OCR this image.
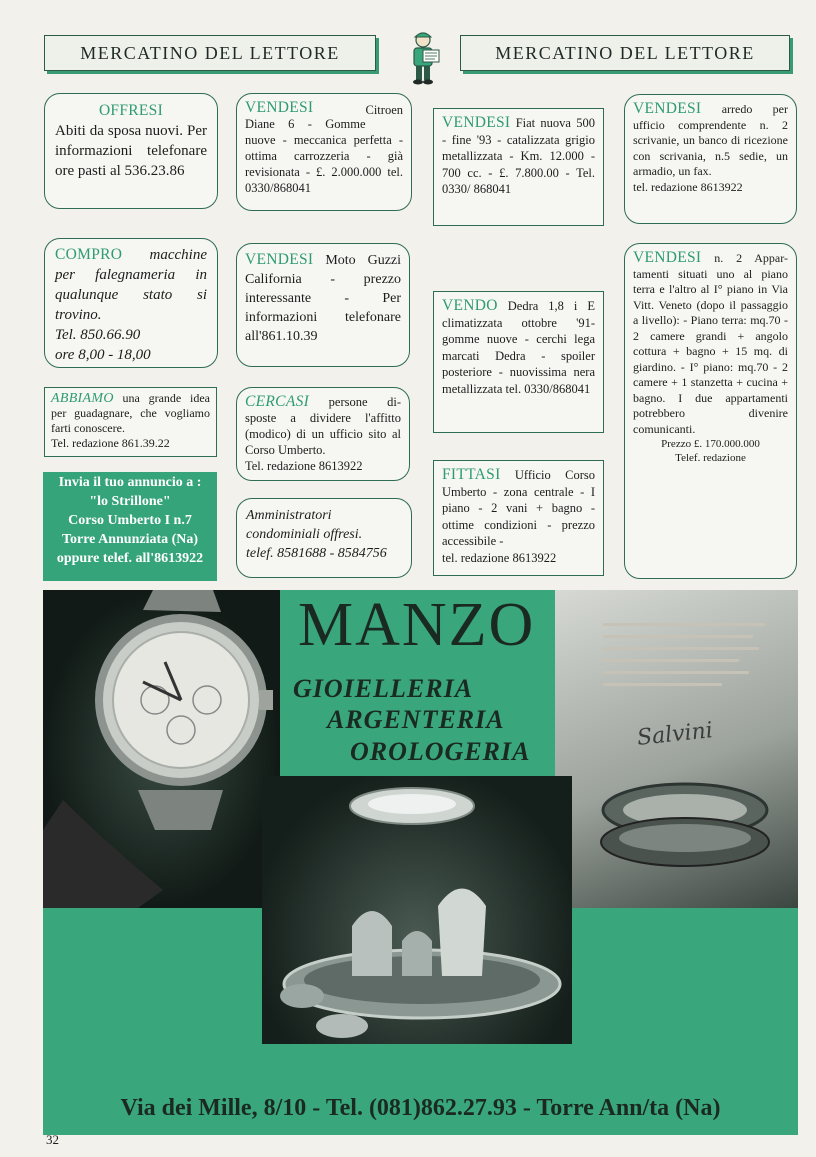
MERCATINO DEL LETTORE	MERCATINO DEL LETTORE
OFFRESI
Abiti da sposa nuovi. Per informazioni telefonare ore pasti al 536.23.86
COMPRO macchine per falegnameria in qualunque stato si trovino.
Tel. 850.66.90
ore 8,00 - 18,00
ABBIAMO una grande idea per guadagnare, che vogliamo farti conoscere.
Tel. redazione 861.39.22
Invia il tuo annuncio a :
"lo Strillone"
Corso Umberto I n.7
Torre Annunziata (Na)
oppure telef. all'8613922
VENDESI	Citroen
Diane 6 - Gomme nuove - meccanica perfetta - ottima carrozzeria - già revisionata - £. 2.000.000 tel. 0330/868041
VENDESI Moto Guzzi California - prezzo interessante - Per informazioni telefonare all'861.10.39
CERCASI persone di- sposte a dividere l'affitto (modico) di un ufficio sito al Corso Umberto.
Tel. redazione 8613922
Amministratori condominiali offresi.
telef. 8581688 - 8584756
VENDESI Fiat nuova 500 - fine '93 - catalizzata grigio metallizzata - Km. 12.000 - 700 cc. - £. 7.800.00 - Tel. 0330/ 868041
VENDO Dedra 1,8 i E climatizzata ottobre '91- gomme nuove - cerchi lega marcati Dedra - spoiler posteriore - nuovissima nera metallizzata tel. 0330/868041
FITTASI Ufficio Corso Umberto - zona centrale - I piano - 2 vani + bagno - ottime condizioni - prezzo accessibile -
tel. redazione 8613922
VENDESI arredo per ufficio comprendente n. 2 scrivanie, un banco di ricezione con scrivania, n.5 sedie, un armadio, un fax.
tel. redazione 8613922
VENDESI n. 2 Appar- tamenti situati uno al piano terra e l'altro al I° piano in Via Vitt. Veneto (dopo il passaggio a livello): - Piano terra: mq.70 - 2 camere grandi + angolo cottura + bagno + 15 mq. di giardino. - I° piano: mq.70 - 2 camere + 1 stanzetta + cucina + bagno. I due appartamenti potrebbero divenire comunicanti.
Prezzo £. 170.000.000
Telef. redazione
MANZO
GIOIELLERIA
ARGENTERIA
OROLOGERIA
Salvini
Via dei Mille, 8/10 - Tel. (081)862.27.93 - Torre Ann/ta (Na)
32
